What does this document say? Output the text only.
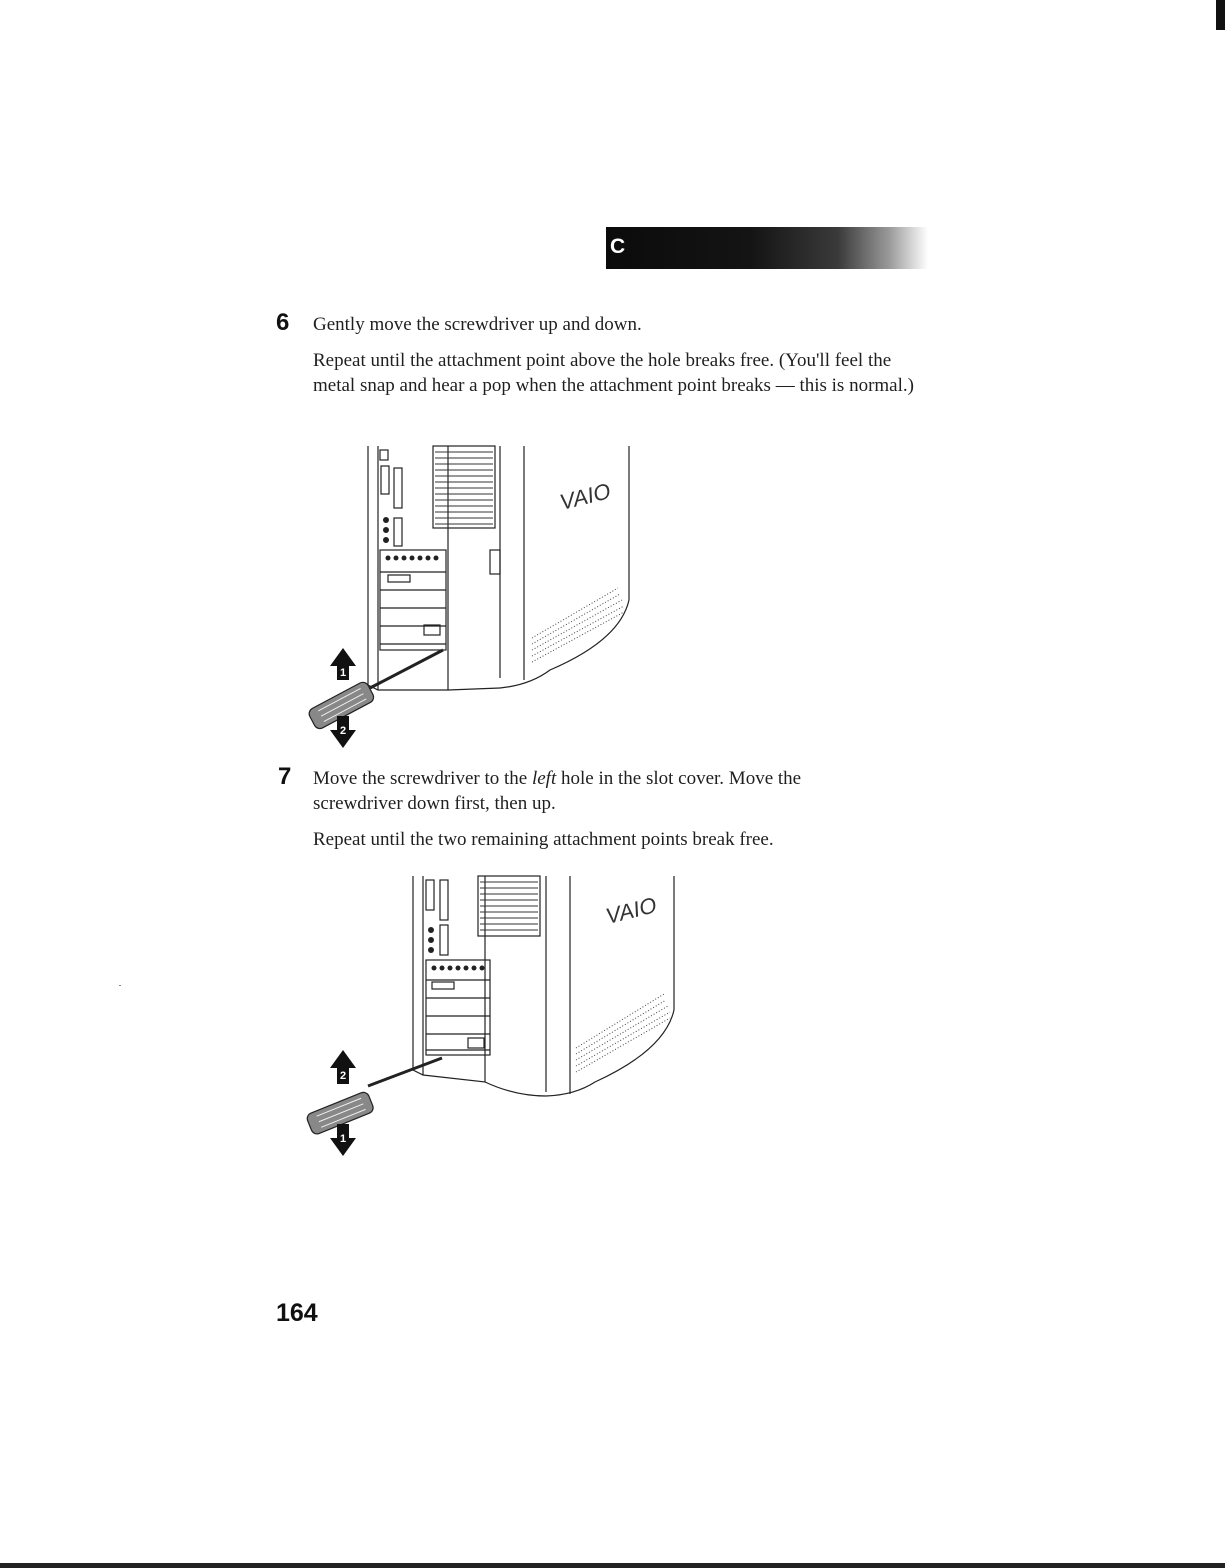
C
6 Gently move the screwdriver up and down.

Repeat until the attachment point above the hole breaks free. (You'll feel the metal snap and hear a pop when the attachment point breaks — this is normal.)

VAIO
1
2
7 Move the screwdriver to the left hole in the slot cover. Move the screwdriver down first, then up.

Repeat until the two remaining attachment points break free.

VAIO
2
1
164
